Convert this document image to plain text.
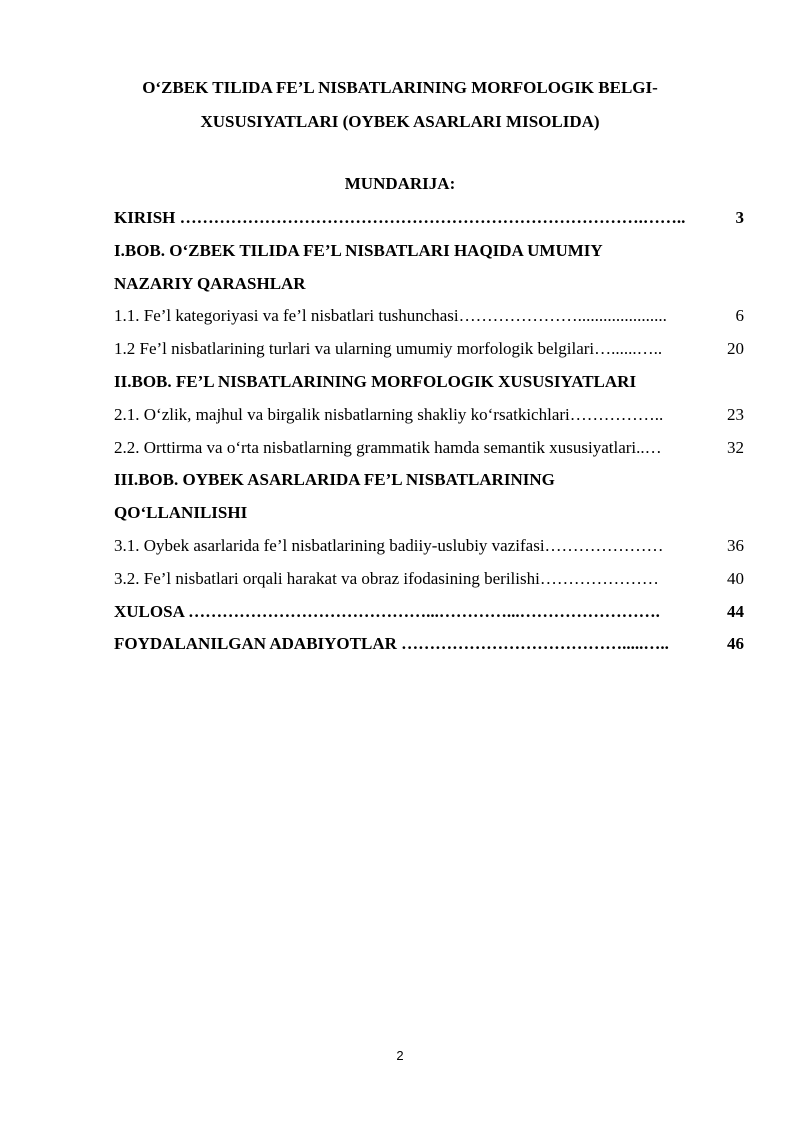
O‘ZBEK TILIDA FE’L NISBATLARINING MORFOLOGIK BELGI-
XUSUSIYATLARI (OYBEK ASARLARI MISOLIDA)
MUNDARIJA:
KIRISH ……………………………………………………………………….……..	3
I.BOB. O‘ZBEK TILIDA FE’L NISBATLARI HAQIDA UMUMIY
NAZARIY QARASHLAR
1.1. Fe’l kategoriyasi va fe’l nisbatlari tushunchasi………………….....................	6
1.2 Fe’l nisbatlarining turlari va ularning umumiy morfologik belgilari…......…..	20
II.BOB. FE’L NISBATLARINING MORFOLOGIK XUSUSIYATLARI
2.1. O‘zlik, majhul va birgalik nisbatlarning shakliy ko‘rsatkichlari……………..	23
2.2. Orttirma va o‘rta nisbatlarning grammatik hamda semantik xususiyatlari..…	32
III.BOB. OYBEK ASARLARIDA FE’L NISBATLARINING
QO‘LLANILISHI
3.1. Oybek asarlarida fe’l nisbatlarining badiiy-uslubiy vazifasi…………………	36
3.2. Fe’l nisbatlari orqali harakat va obraz ifodasining berilishi…………………	40
XULOSA ……………………………………...…………...…………………….	44
FOYDALANILGAN ADABIYOTLAR ………………………………….....…..	46
2
